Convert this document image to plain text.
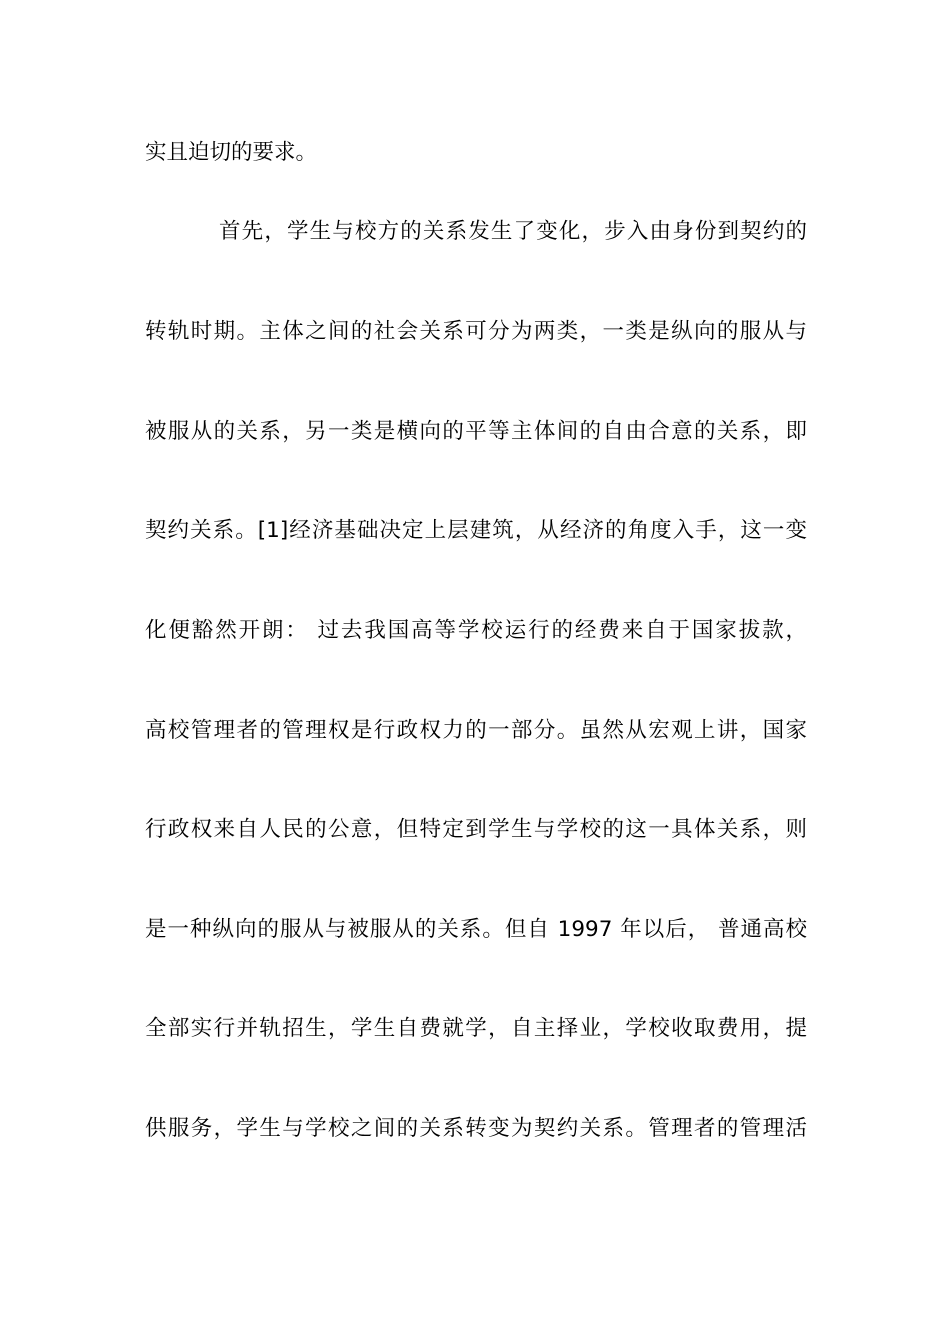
实且迫切的要求。
首先，学生与校方的关系发生了变化，步入由身份到契约的
转轨时期。主体之间的社会关系可分为两类，一类是纵向的服从与
被服从的关系，另一类是横向的平等主体间的自由合意的关系，即
契约关系。[1]经济基础决定上层建筑，从经济的角度入手，这一变
化便豁然开朗： 过去我国高等学校运行的经费来自于国家拔款，
高校管理者的管理权是行政权力的一部分。虽然从宏观上讲，国家
行政权来自人民的公意，但特定到学生与学校的这一具体关系，则
是一种纵向的服从与被服从的关系。但自 1997 年以后， 普通高校
全部实行并轨招生，学生自费就学，自主择业，学校收取费用，提
供服务，学生与学校之间的关系转变为契约关系。管理者的管理活
